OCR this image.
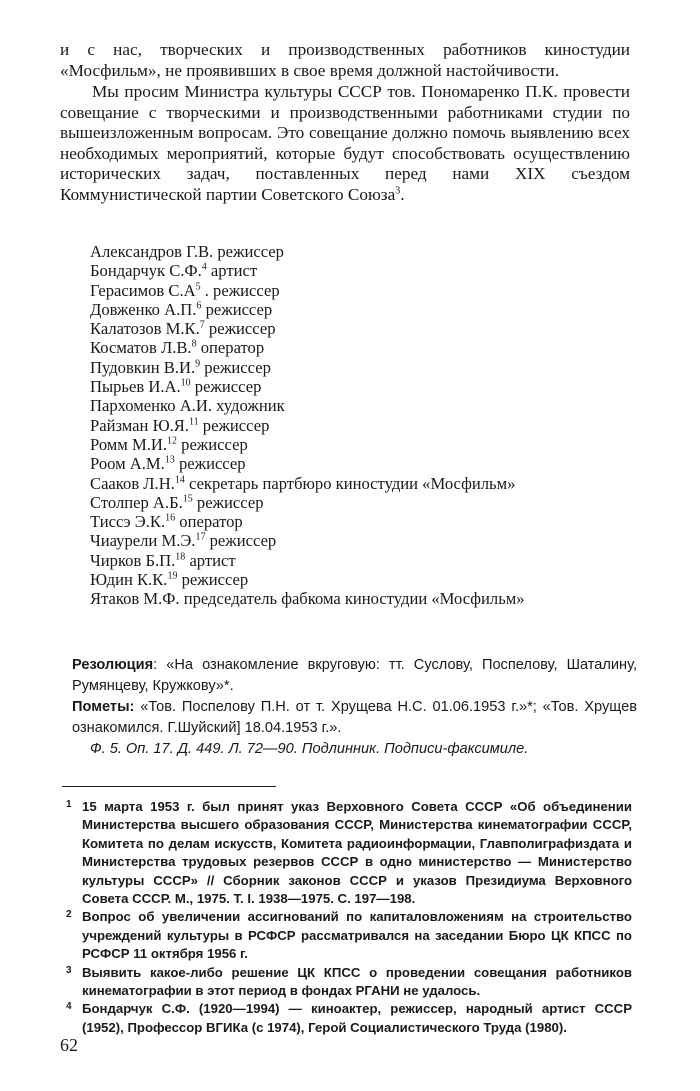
и с нас, творческих и производственных работников киностудии «Мосфильм», не проявивших в свое время должной настойчивости.

Мы просим Министра культуры СССР тов. Пономаренко П.К. провести совещание с творческими и производственными работниками студии по вышеизложенным вопросам. Это совещание должно помочь выявлению всех необходимых мероприятий, которые будут способствовать осуществлению исторических задач, поставленных перед нами XIX съездом Коммунистической партии Советского Союза$^3$.

Александров Г.В. режиссер
Бондарчук С.Ф.$^4$ артист
Герасимов $С.А^5$ . режиссер
Довженко А.П.$^6$ режиссер
Калатозов М.К.$^7$ режиссер
Косматов Л.В.$^8$ оператор
Пудовкин В.И.$^9$ режиссер
Пырьев И.А.$^{10}$ режиссер
Пархоменко А.И. художник
Райзман Ю.Я.$^{11}$ режиссер
Ромм М.И.$^{12}$ режиссер
Роом А.М.$^{13}$ режиссер
Сааков Л.Н.$^{14}$ секретарь партбюро киностудии «Мосфильм»
Столпер А.Б.$^{15}$ режиссер
Тиссэ Э.К.$^{16}$ оператор
Чиаурели М.Э.$^{17}$ режиссер
Чирков Б.П.$^{18}$ артист
Юдин К.К.$^{19}$ режиссер
Ятаков М.Ф. председатель фабкома киностудии «Мосфильм»

Резолюция: «На ознакомление вкруговую: тт. Суслову, Поспелову, Шаталину, Румянцеву, Кружкову»*.

Пометы: «Тов. Поспелову П.Н. от т. Хрущева Н.С. 01.06.1953 г.»*; «Тов. Хрущев ознакомился. Г.Шуйский] 18.04.1953 г.».

Ф. 5. Оп. 17. Д. 449. Л. 72—90. Подлинник. Подписи-факсимиле.

1 15 марта 1953 г. был принят указ Верховного Совета СССР «Об объединении Министерства высшего образования СССР, Министерства кинематографии СССР, Комитета по делам искусств, Комитета радиоинформации, Главполиграфиздата и Министерства трудовых резервов СССР в одно министерство — Министерство культуры СССР» // Сборник законов СССР и указов Президиума Верховного Совета СССР. М., 1975. Т. I. 1938—1975. С. 197—198.

2 Вопрос об увеличении ассигнований по капиталовложениям на строительство учреждений культуры в РСФСР рассматривался на заседании Бюро ЦК КПСС по РСФСР 11 октября 1956 г.

3 Выявить какое-либо решение ЦК КПСС о проведении совещания работников кинематографии в этот период в фондах РГАНИ не удалось.

4 Бондарчук С.Ф. (1920—1994) — киноактер, режиссер, народный артист СССР (1952), Профессор ВГИКа (с 1974), Герой Социалистического Труда (1980).

62
